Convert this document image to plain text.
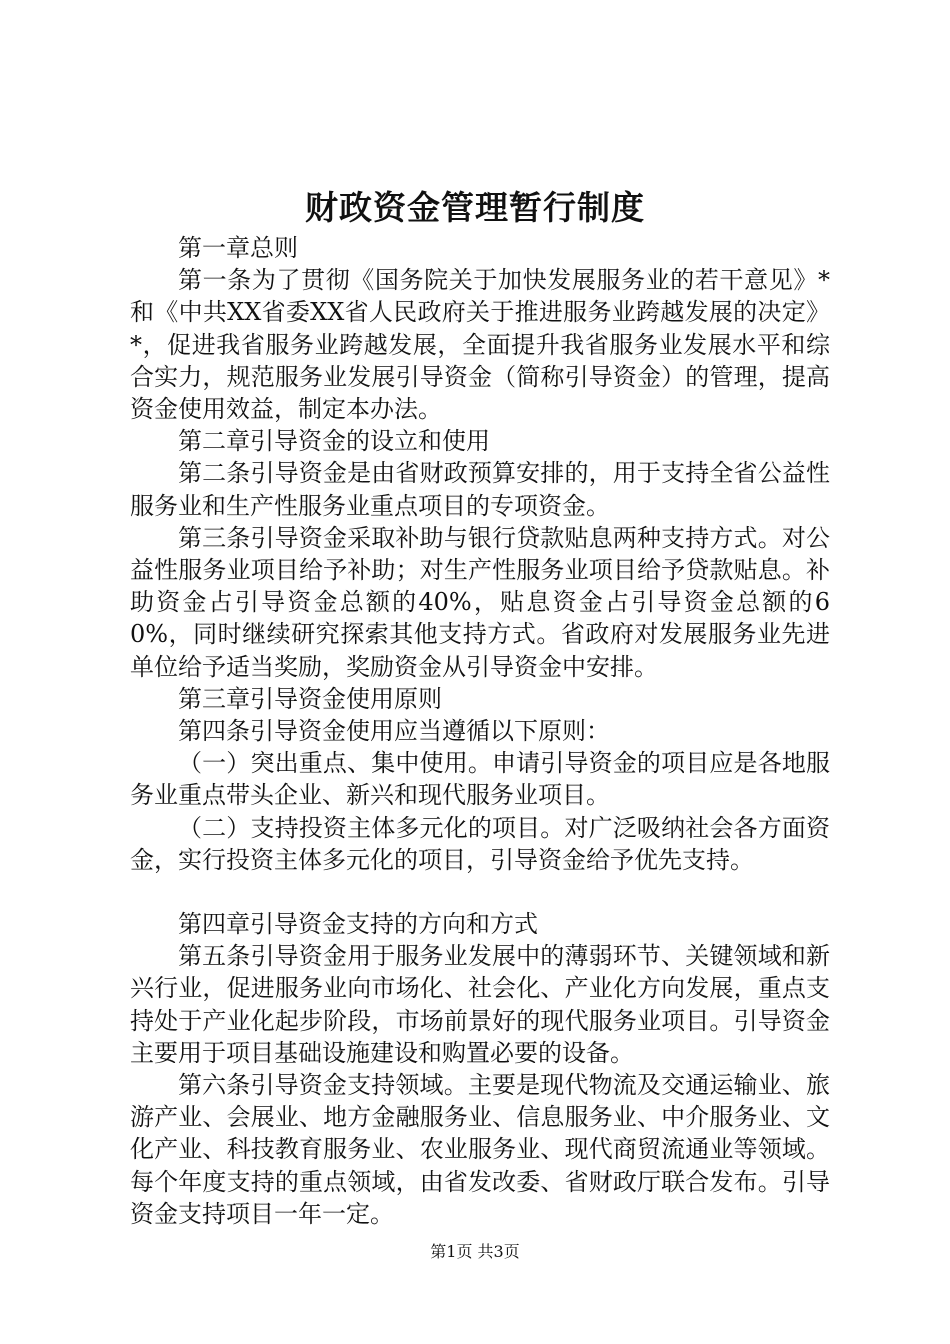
财政资金管理暂行制度

第一章总则

第一条为了贯彻《国务院关于加快发展服务业的若干意见》*和《中共XX省委XX省人民政府关于推进服务业跨越发展的决定》*，促进我省服务业跨越发展，全面提升我省服务业发展水平和综合实力，规范服务业发展引导资金（简称引导资金）的管理，提高资金使用效益，制定本办法。

第二章引导资金的设立和使用

第二条引导资金是由省财政预算安排的，用于支持全省公益性服务业和生产性服务业重点项目的专项资金。

第三条引导资金采取补助与银行贷款贴息两种支持方式。对公益性服务业项目给予补助；对生产性服务业项目给予贷款贴息。补助资金占引导资金总额的40%，贴息资金占引导资金总额的60%，同时继续研究探索其他支持方式。省政府对发展服务业先进单位给予适当奖励，奖励资金从引导资金中安排。

第三章引导资金使用原则

第四条引导资金使用应当遵循以下原则：

（一）突出重点、集中使用。申请引导资金的项目应是各地服务业重点带头企业、新兴和现代服务业项目。

（二）支持投资主体多元化的项目。对广泛吸纳社会各方面资金，实行投资主体多元化的项目，引导资金给予优先支持。

第四章引导资金支持的方向和方式

第五条引导资金用于服务业发展中的薄弱环节、关键领域和新兴行业，促进服务业向市场化、社会化、产业化方向发展，重点支持处于产业化起步阶段，市场前景好的现代服务业项目。引导资金主要用于项目基础设施建设和购置必要的设备。

第六条引导资金支持领域。主要是现代物流及交通运输业、旅游产业、会展业、地方金融服务业、信息服务业、中介服务业、文化产业、科技教育服务业、农业服务业、现代商贸流通业等领域。每个年度支持的重点领域，由省发改委、省财政厅联合发布。引导资金支持项目一年一定。

第1页 共3页
